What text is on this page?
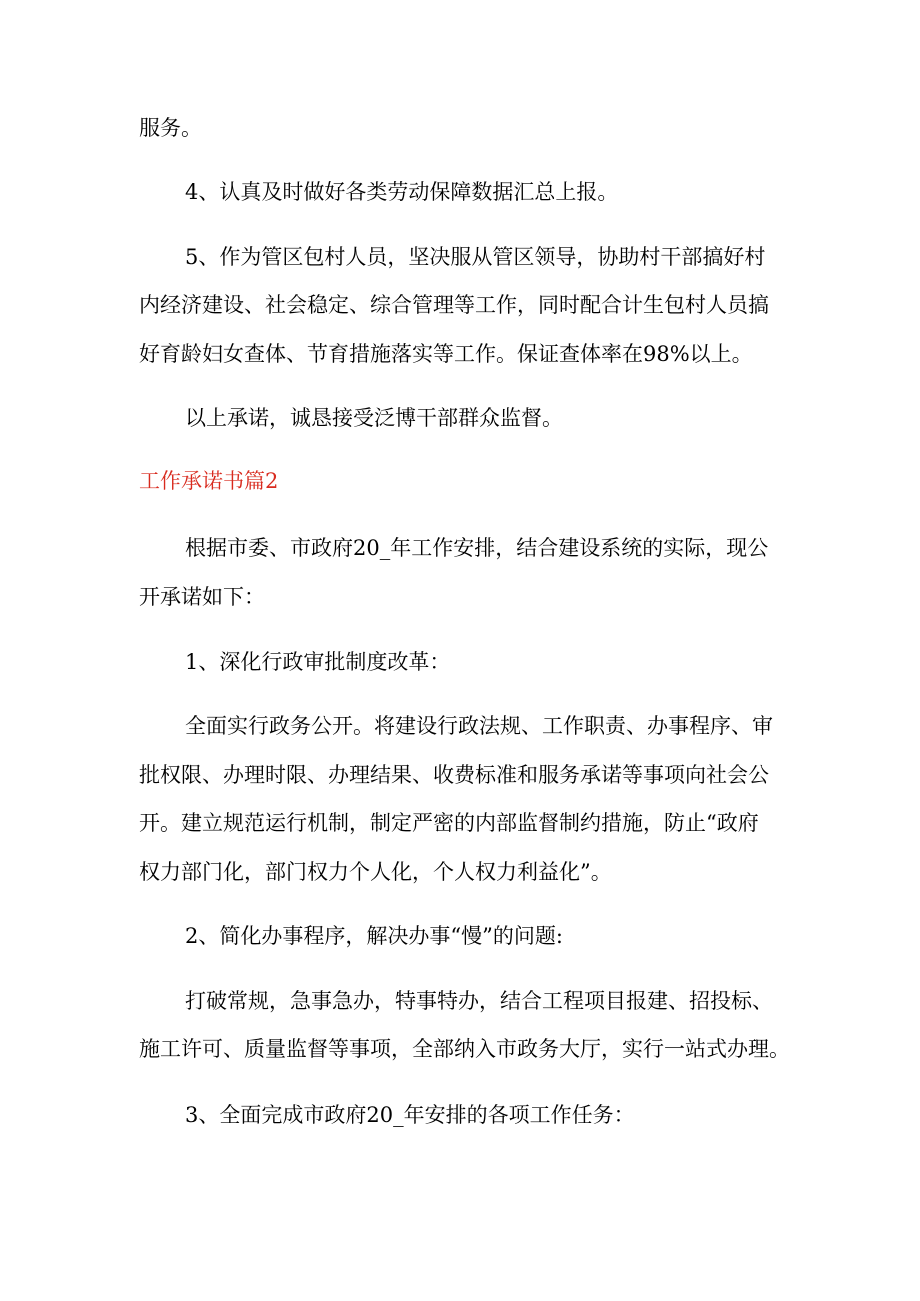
服务。

4、认真及时做好各类劳动保障数据汇总上报。

5、作为管区包村人员，坚决服从管区领导，协助村干部搞好村

内经济建设、社会稳定、综合管理等工作，同时配合计生包村人员搞

好育龄妇女查体、节育措施落实等工作。保证查体率在98%以上。

以上承诺，诚恳接受泛博干部群众监督。

工作承诺书篇2

根据市委、市政府20_年工作安排，结合建设系统的实际，现公

开承诺如下：

1、深化行政审批制度改革：

全面实行政务公开。将建设行政法规、工作职责、办事程序、审

批权限、办理时限、办理结果、收费标准和服务承诺等事项向社会公

开。建立规范运行机制，制定严密的内部监督制约措施，防止“政府

权力部门化，部门权力个人化，个人权力利益化”。

2、简化办事程序，解决办事“慢”的问题:

打破常规，急事急办，特事特办，结合工程项目报建、招投标、

施工许可、质量监督等事项，全部纳入市政务大厅，实行一站式办理。

3、全面完成市政府20_年安排的各项工作任务：
